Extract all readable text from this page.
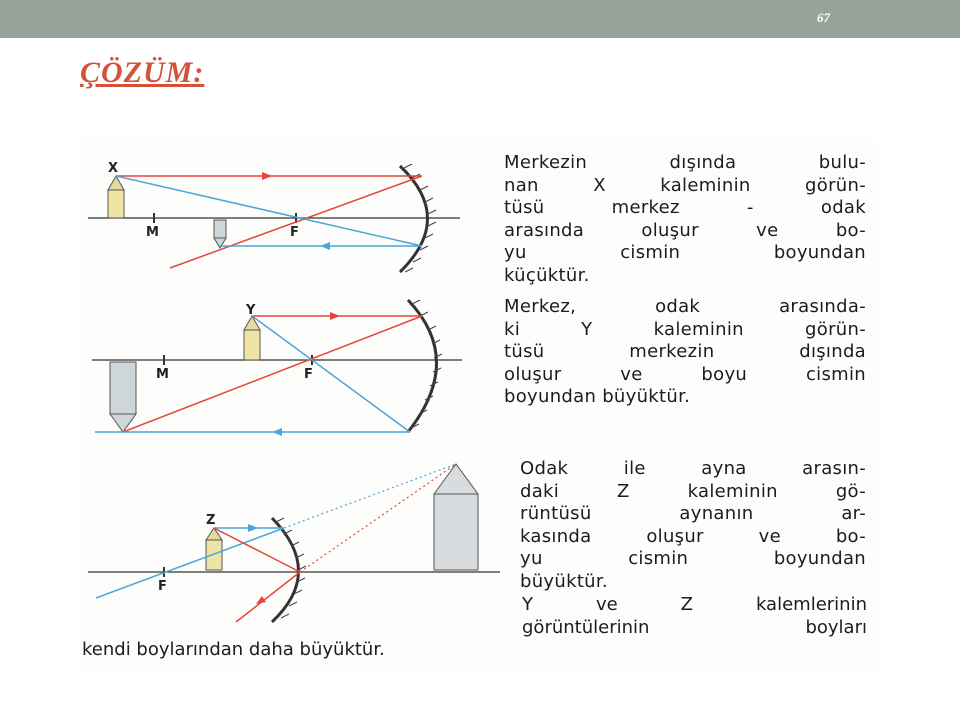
67
ÇÖZÜM:
X
M	F
Y
M	F
Z
F
Merkezin dışında bulu-
nan X kaleminin görün-
tüsü merkez - odak
arasında oluşur ve bo-
yu cismin boyundan
küçüktür.
Merkez, odak arasında-
ki Y kaleminin görün-
tüsü merkezin dışında
oluşur ve boyu cismin
boyundan büyüktür.
Odak ile ayna arasın-
daki Z kaleminin gö-
rüntüsü aynanın ar-
kasında oluşur ve bo-
yu cismin boyundan
büyüktür.
Y ve Z kalemlerinin
görüntülerinin boyları
kendi boylarından daha büyüktür.
